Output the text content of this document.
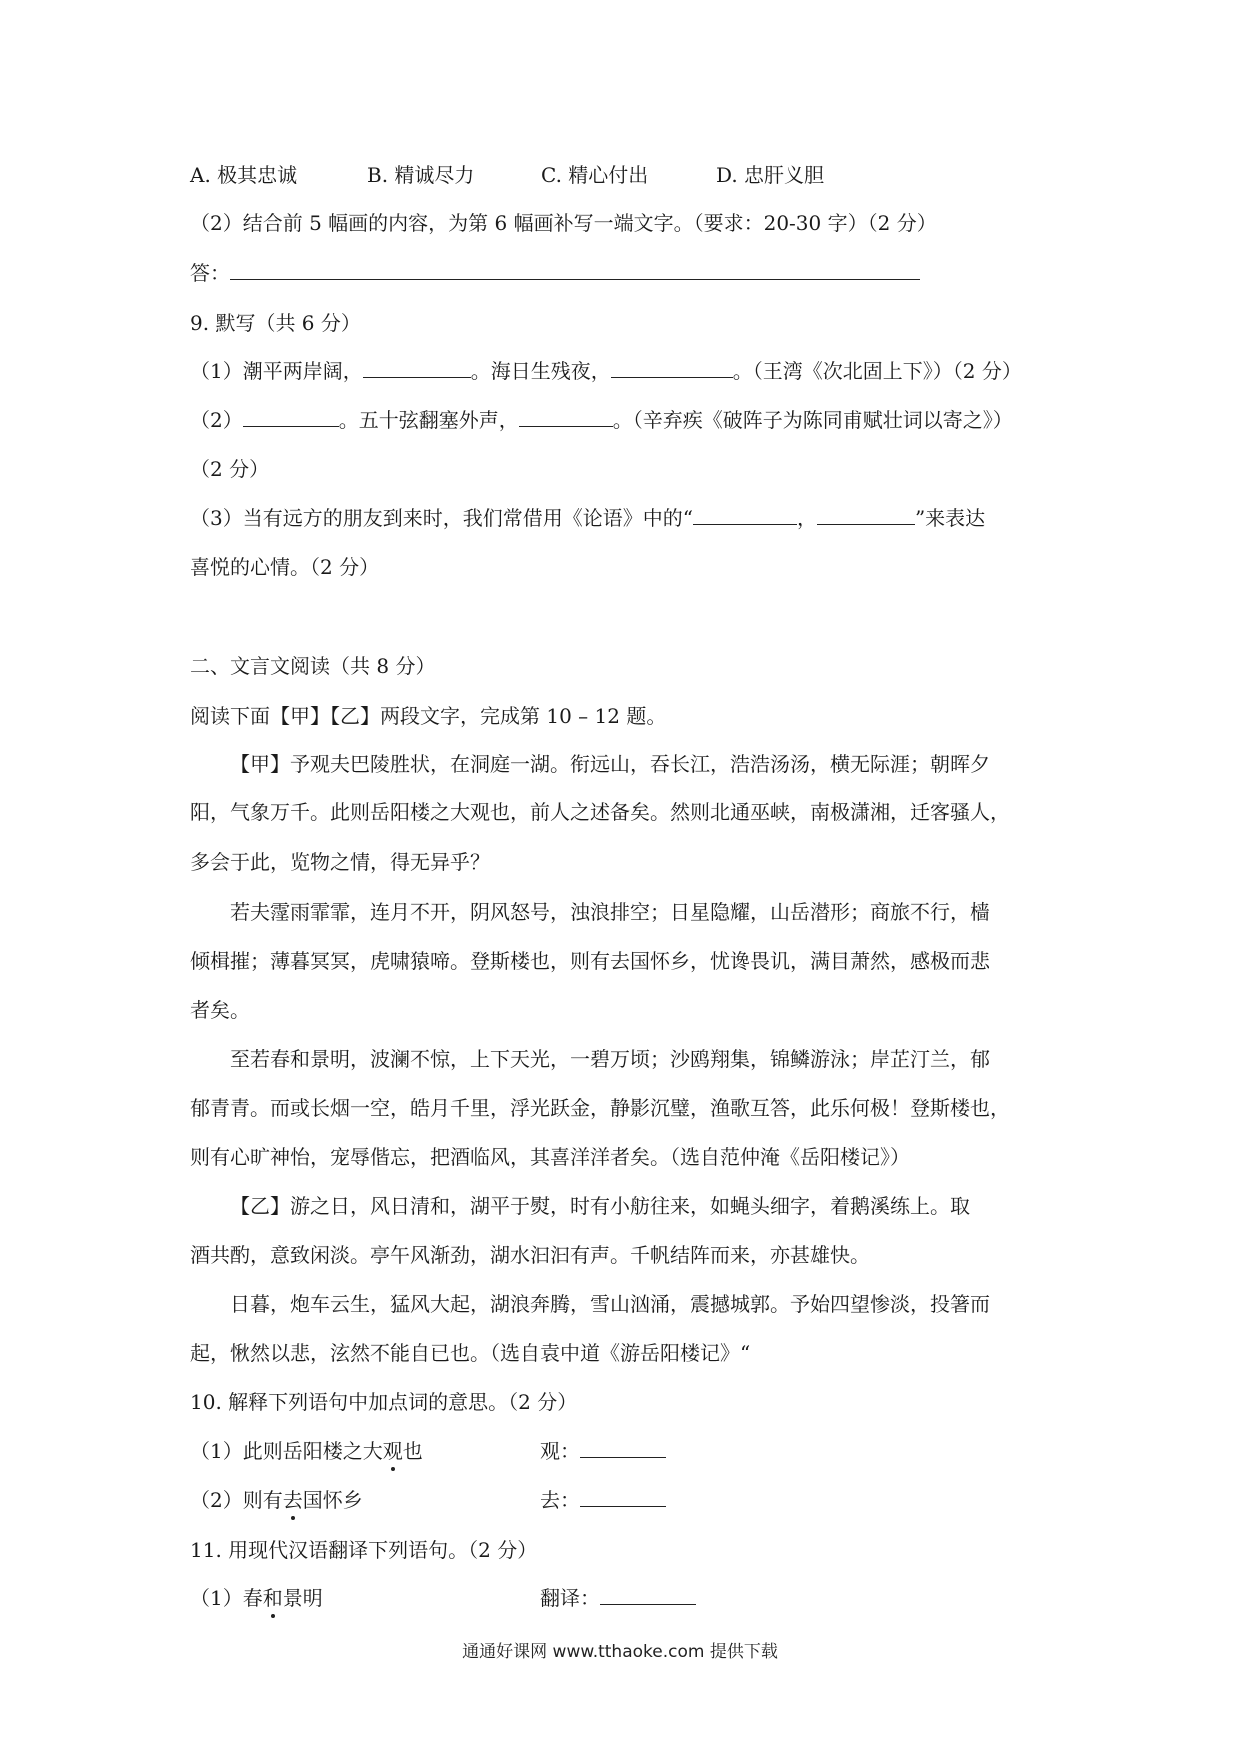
A. 极其忠诚	B. 精诚尽力	C. 精心付出	D. 忠肝义胆
（2）结合前 5 幅画的内容，为第 6 幅画补写一端文字。（要求：20-30 字）（2 分）
答：
9. 默写（共 6 分）
（1）潮平两岸阔，	。海日生残夜，	。（王湾《次北固上下》）（2 分）
（2）	。五十弦翻塞外声，	。（辛弃疾《破阵子为陈同甫赋壮词以寄之》）
（2 分）
（3）当有远方的朋友到来时，我们常借用《论语》中的“	，	”来表达
喜悦的心情。（2 分）
二、文言文阅读（共 8 分）
阅读下面【甲】【乙】两段文字，完成第 10 – 12 题。
【甲】予观夫巴陵胜状，在洞庭一湖。衔远山，吞长江，浩浩汤汤，横无际涯；朝晖夕
阳，气象万千。此则岳阳楼之大观也，前人之述备矣。然则北通巫峡，南极潇湘，迁客骚人，
多会于此，览物之情，得无异乎？
若夫霪雨霏霏，连月不开，阴风怒号，浊浪排空；日星隐耀，山岳潜形；商旅不行，樯
倾楫摧；薄暮冥冥，虎啸猿啼。登斯楼也，则有去国怀乡，忧谗畏讥，满目萧然，感极而悲
者矣。
至若春和景明，波澜不惊，上下天光，一碧万顷；沙鸥翔集，锦鳞游泳；岸芷汀兰，郁
郁青青。而或长烟一空，皓月千里，浮光跃金，静影沉璧，渔歌互答，此乐何极！登斯楼也，
则有心旷神怡，宠辱偕忘，把酒临风，其喜洋洋者矣。（选自范仲淹《岳阳楼记》）
【乙】游之日，风日清和，湖平于熨，时有小舫往来，如蝇头细字，着鹅溪练上。取
酒共酌，意致闲淡。亭午风渐劲，湖水汩汩有声。千帆结阵而来，亦甚雄快。
日暮，炮车云生，猛风大起，湖浪奔腾，雪山汹涌，震撼城郭。予始四望惨淡，投箸而
起，愀然以悲，泫然不能自已也。（选自袁中道《游岳阳楼记》“
10. 解释下列语句中加点词的意思。（2 分）
（1）此则岳阳楼之大观也	观：
（2）则有去国怀乡	去：
11. 用现代汉语翻译下列语句。（2 分）
（1）春和景明	翻译：
通通好课网 www.tthaoke.com 提供下载
